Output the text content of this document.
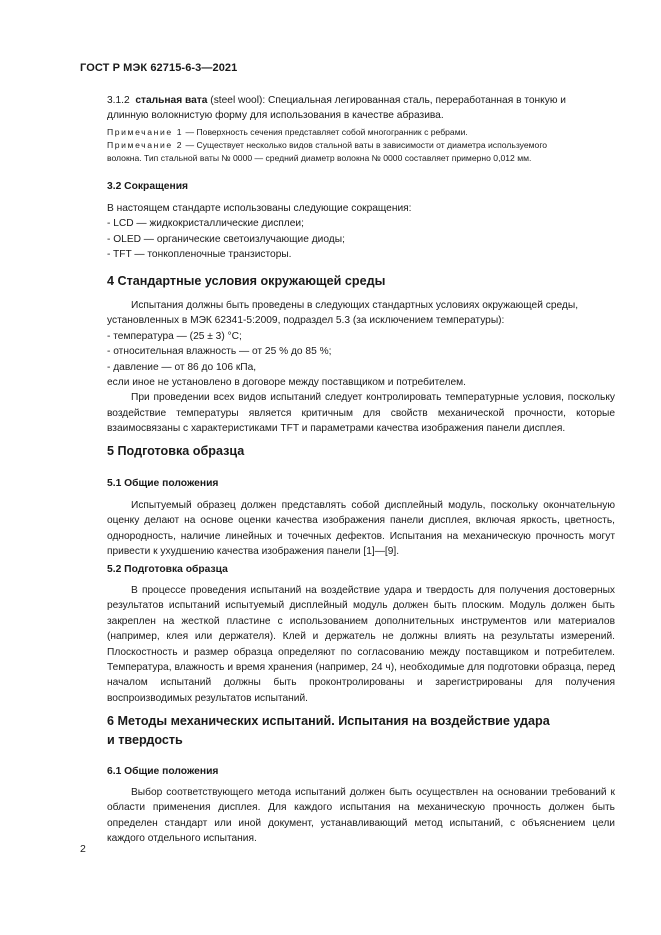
ГОСТ Р МЭК 62715-6-3—2021
3.1.2 стальная вата (steel wool): Специальная легированная сталь, переработанная в тонкую и
длинную волокнистую форму для использования в качестве абразива.
Примечание 1 — Поверхность сечения представляет собой многогранник с ребрами.
Примечание 2 — Существует несколько видов стальной ваты в зависимости от диаметра используемого
волокна. Тип стальной ваты № 0000 — средний диаметр волокна № 0000 составляет примерно 0,012 мм.
3.2 Сокращения
В настоящем стандарте использованы следующие сокращения:
- LCD — жидкокристаллические дисплеи;
- OLED — органические светоизлучающие диоды;
- TFT — тонкопленочные транзисторы.
4 Стандартные условия окружающей среды
Испытания должны быть проведены в следующих стандартных условиях окружающей среды,
установленных в МЭК 62341-5:2009, подраздел 5.3 (за исключением температуры):
- температура — (25 ± 3) °С;
- относительная влажность — от 25 % до 85 %;
- давление — от 86 до 106 кПа,
если иное не установлено в договоре между поставщиком и потребителем.
При проведении всех видов испытаний следует контролировать температурные условия, поскольку воздействие температуры является критичным для свойств механической прочности, которые взаимосвязаны с характеристиками TFT и параметрами качества изображения панели дисплея.
5 Подготовка образца
5.1 Общие положения
Испытуемый образец должен представлять собой дисплейный модуль, поскольку окончательную оценку делают на основе оценки качества изображения панели дисплея, включая яркость, цветность, однородность, наличие линейных и точечных дефектов. Испытания на механическую прочность могут привести к ухудшению качества изображения панели [1]—[9].
5.2 Подготовка образца
В процессе проведения испытаний на воздействие удара и твердость для получения достоверных результатов испытаний испытуемый дисплейный модуль должен быть плоским. Модуль должен быть закреплен на жесткой пластине с использованием дополнительных инструментов или материалов (например, клея или держателя). Клей и держатель не должны влиять на результаты измерений. Плоскостность и размер образца определяют по согласованию между поставщиком и потребителем. Температура, влажность и время хранения (например, 24 ч), необходимые для подготовки образца, перед началом испытаний должны быть проконтролированы и зарегистрированы для получения воспроизводимых результатов испытаний.
6 Методы механических испытаний. Испытания на воздействие удара
и твердость
6.1 Общие положения
Выбор соответствующего метода испытаний должен быть осуществлен на основании требований к области применения дисплея. Для каждого испытания на механическую прочность должен быть определен стандарт или иной документ, устанавливающий метод испытаний, с объяснением цели каждого отдельного испытания.
2
